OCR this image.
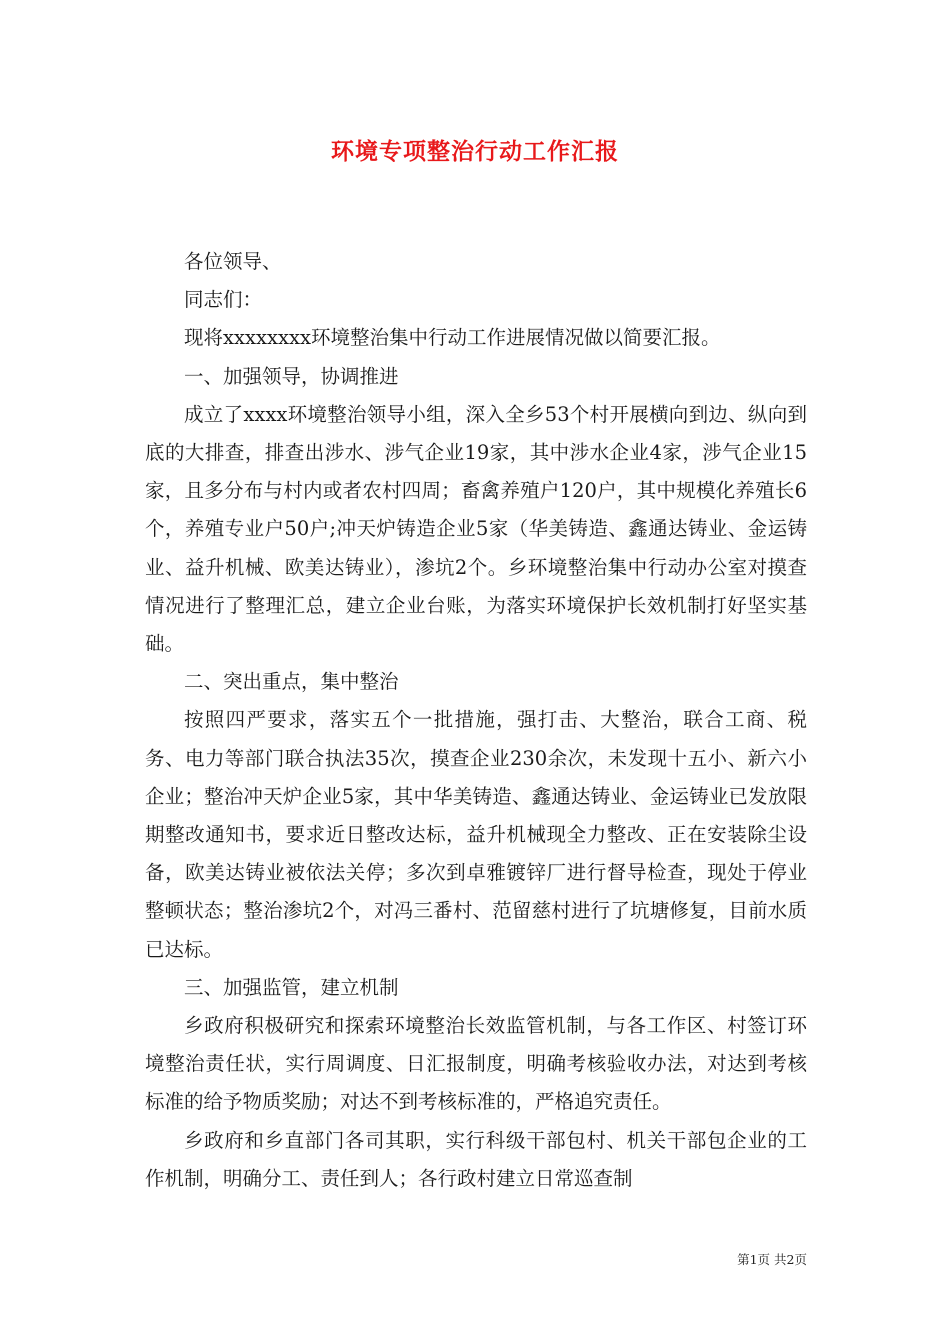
环境专项整治行动工作汇报

各位领导、

同志们：

现将xxxxxxxx环境整治集中行动工作进展情况做以简要汇报。

一、加强领导，协调推进

成立了xxxx环境整治领导小组，深入全乡53个村开展横向到边、纵向到底的大排查，排查出涉水、涉气企业19家，其中涉水企业4家，涉气企业15家，且多分布与村内或者农村四周；畜禽养殖户120户，其中规模化养殖长6个，养殖专业户50户;冲天炉铸造企业5家（华美铸造、鑫通达铸业、金运铸业、益升机械、欧美达铸业），渗坑2个。乡环境整治集中行动办公室对摸查情况进行了整理汇总，建立企业台账，为落实环境保护长效机制打好坚实基础。

二、突出重点，集中整治

按照四严要求，落实五个一批措施，强打击、大整治，联合工商、税务、电力等部门联合执法35次，摸查企业230余次，未发现十五小、新六小企业；整治冲天炉企业5家，其中华美铸造、鑫通达铸业、金运铸业已发放限期整改通知书，要求近日整改达标，益升机械现全力整改、正在安装除尘设备，欧美达铸业被依法关停；多次到卓雅镀锌厂进行督导检查，现处于停业整顿状态；整治渗坑2个，对冯三番村、范留慈村进行了坑塘修复，目前水质已达标。

三、加强监管，建立机制

乡政府积极研究和探索环境整治长效监管机制，与各工作区、村签订环境整治责任状，实行周调度、日汇报制度，明确考核验收办法，对达到考核标准的给予物质奖励；对达不到考核标准的，严格追究责任。

乡政府和乡直部门各司其职，实行科级干部包村、机关干部包企业的工作机制，明确分工、责任到人；各行政村建立日常巡查制

第1页 共2页
